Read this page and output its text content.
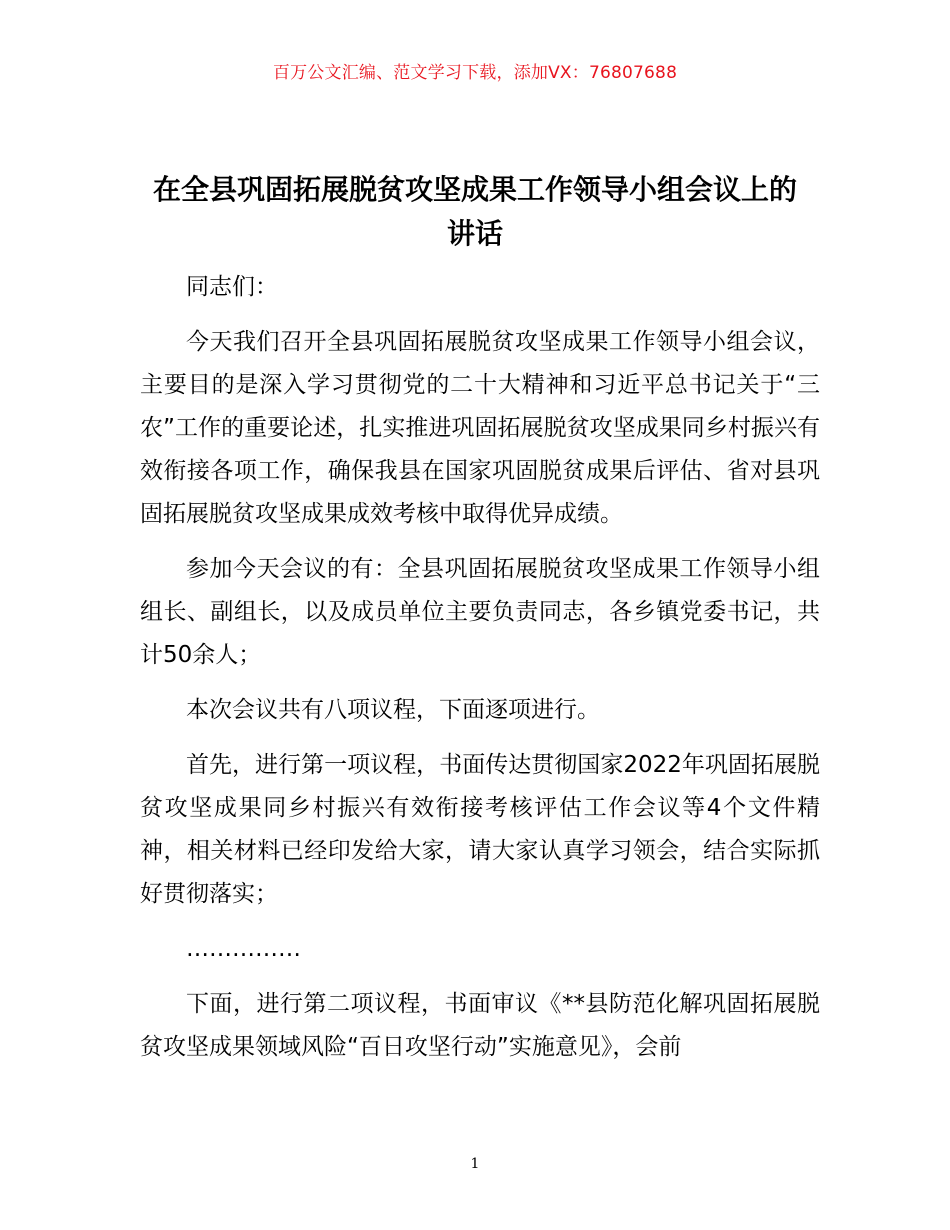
百万公文汇编、范文学习下载，添加VX：76807688
在全县巩固拓展脱贫攻坚成果工作领导小组会议上的讲话

同志们：

今天我们召开全县巩固拓展脱贫攻坚成果工作领导小组会议，主要目的是深入学习贯彻党的二十大精神和习近平总书记关于“三农”工作的重要论述，扎实推进巩固拓展脱贫攻坚成果同乡村振兴有效衔接各项工作，确保我县在国家巩固脱贫成果后评估、省对县巩固拓展脱贫攻坚成果成效考核中取得优异成绩。

参加今天会议的有：全县巩固拓展脱贫攻坚成果工作领导小组组长、副组长，以及成员单位主要负责同志，各乡镇党委书记，共计50余人；

本次会议共有八项议程，下面逐项进行。

首先，进行第一项议程，书面传达贯彻国家2022年巩固拓展脱贫攻坚成果同乡村振兴有效衔接考核评估工作会议等4个文件精神，相关材料已经印发给大家，请大家认真学习领会，结合实际抓好贯彻落实；

……………

下面，进行第二项议程，书面审议《**县防范化解巩固拓展脱贫攻坚成果领域风险“百日攻坚行动”实施意见》，会前

1
